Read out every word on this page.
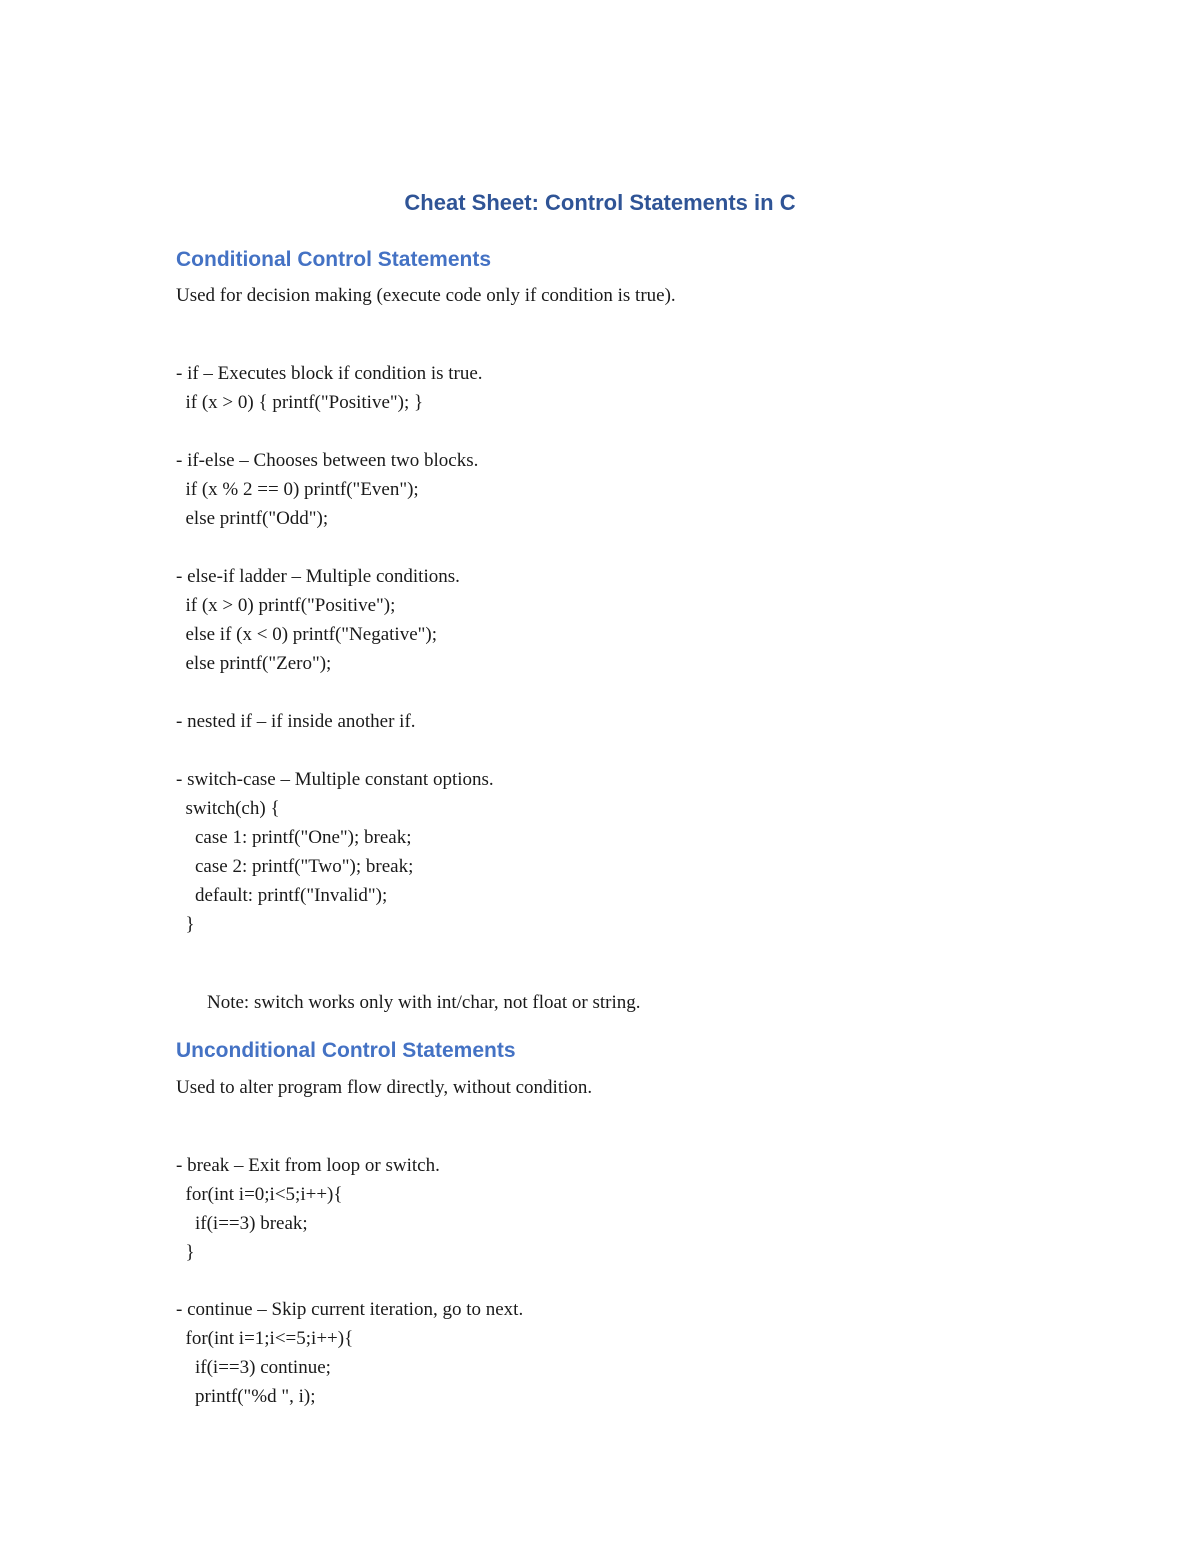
Cheat Sheet: Control Statements in C
Conditional Control Statements

Used for decision making (execute code only if condition is true).

- if – Executes block if condition is true.
if (x > 0) { printf("Positive"); }
- if-else – Chooses between two blocks.
if (x % 2 == 0) printf("Even");
else printf("Odd");
- else-if ladder – Multiple conditions.
if (x > 0) printf("Positive");
else if (x < 0) printf("Negative");
else printf("Zero");
- nested if – if inside another if.
- switch-case – Multiple constant options.
switch(ch) {
case 1: printf("One"); break;
case 2: printf("Two"); break;
default: printf("Invalid");
}

Note: switch works only with int/char, not float or string.

Unconditional Control Statements

Used to alter program flow directly, without condition.

- break – Exit from loop or switch.
for(int i=0;i<5;i++){
if(i==3) break;
}
- continue – Skip current iteration, go to next.
for(int i=1;i<=5;i++){
if(i==3) continue;
printf("%d ", i);
